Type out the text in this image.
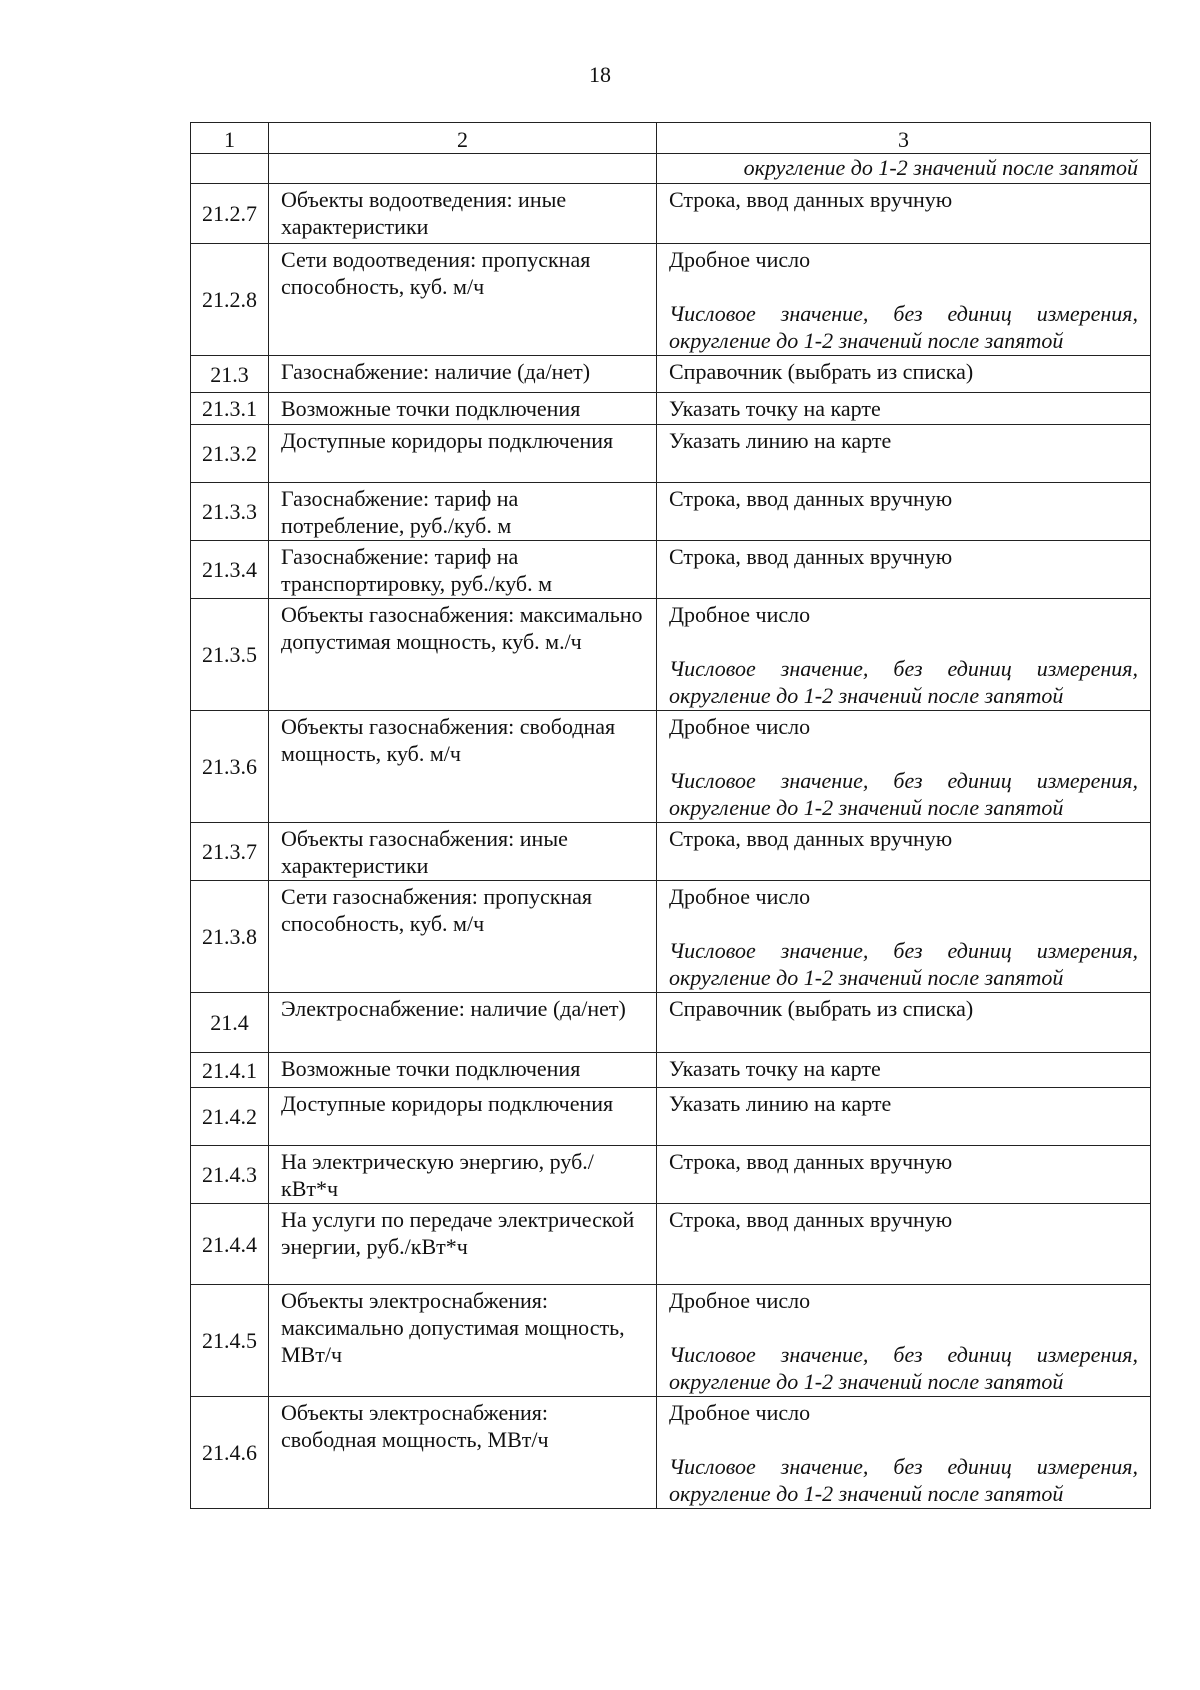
18
1	2	3

		округление до 1-2 значений после запятой

21.2.7	Объекты водоотведения: иные характеристики	Строка, ввод данных вручную

21.2.8	Сети водоотведения: пропускная способность, куб. м/ч	Дробное число
Числовое значение, без единиц измерения,
округление до 1-2 значений после запятой

21.3	Газоснабжение: наличие (да/нет)	Справочник (выбрать из списка)

21.3.1	Возможные точки подключения	Указать точку на карте

21.3.2	Доступные коридоры подключения	Указать линию на карте

21.3.3	Газоснабжение: тариф на потребление, руб./куб. м	Строка, ввод данных вручную

21.3.4	Газоснабжение: тариф на транспортировку, руб./куб. м	Строка, ввод данных вручную

21.3.5	Объекты газоснабжения: максимально допустимая мощность, куб. м./ч	Дробное число
Числовое значение, без единиц измерения,
округление до 1-2 значений после запятой

21.3.6	Объекты газоснабжения: свободная мощность, куб. м/ч	Дробное число
Числовое значение, без единиц измерения,
округление до 1-2 значений после запятой

21.3.7	Объекты газоснабжения: иные характеристики	Строка, ввод данных вручную

21.3.8	Сети газоснабжения: пропускная способность, куб. м/ч	Дробное число
Числовое значение, без единиц измерения,
округление до 1-2 значений после запятой

21.4	Электроснабжение: наличие (да/нет)	Справочник (выбрать из списка)

21.4.1	Возможные точки подключения	Указать точку на карте

21.4.2	Доступные коридоры подключения	Указать линию на карте

21.4.3	На электрическую энергию, руб./кВт*ч	Строка, ввод данных вручную

21.4.4	На услуги по передаче электрической энергии, руб./кВт*ч	Строка, ввод данных вручную

21.4.5	Объекты электроснабжения: максимально допустимая мощность, МВт/ч	Дробное число
Числовое значение, без единиц измерения,
округление до 1-2 значений после запятой

21.4.6	Объекты электроснабжения: свободная мощность, МВт/ч	Дробное число
Числовое значение, без единиц измерения,
округление до 1-2 значений после запятой
